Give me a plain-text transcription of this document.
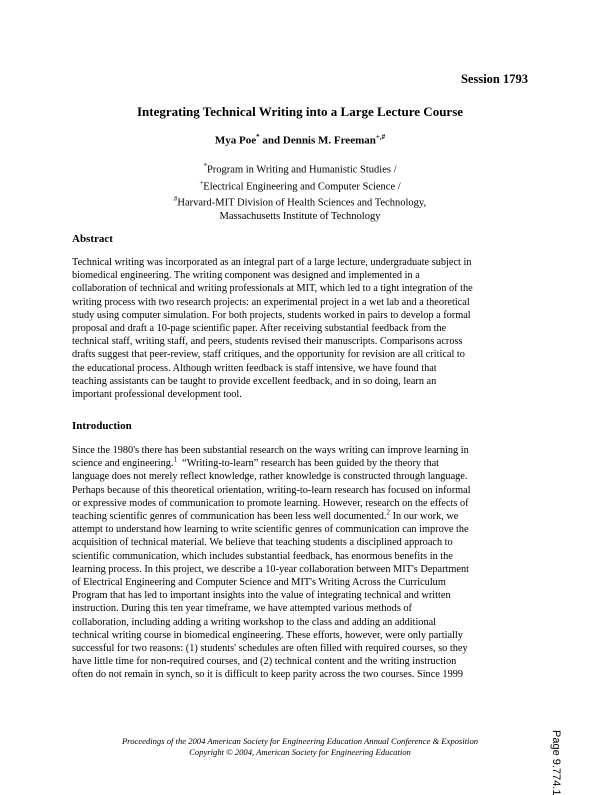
Session 1793
Integrating Technical Writing into a Large Lecture Course
Mya Poe* and Dennis M. Freeman+,#
*Program in Writing and Humanistic Studies /
+Electrical Engineering and Computer Science /
#Harvard-MIT Division of Health Sciences and Technology,
Massachusetts Institute of Technology
Abstract
Technical writing was incorporated as an integral part of a large lecture, undergraduate subject in
biomedical engineering. The writing component was designed and implemented in a
collaboration of technical and writing professionals at MIT, which led to a tight integration of the
writing process with two research projects: an experimental project in a wet lab and a theoretical
study using computer simulation. For both projects, students worked in pairs to develop a formal
proposal and draft a 10-page scientific paper. After receiving substantial feedback from the
technical staff, writing staff, and peers, students revised their manuscripts. Comparisons across
drafts suggest that peer-review, staff critiques, and the opportunity for revision are all critical to
the educational process. Although written feedback is staff intensive, we have found that
teaching assistants can be taught to provide excellent feedback, and in so doing, learn an
important professional development tool.
Introduction
Since the 1980's there has been substantial research on the ways writing can improve learning in
science and engineering.$^1$  “Writing-to-learn” research has been guided by the theory that
language does not merely reflect knowledge, rather knowledge is constructed through language.
Perhaps because of this theoretical orientation, writing-to-learn research has focused on informal
or expressive modes of communication to promote learning. However, research on the effects of
teaching scientific genres of communication has been less well documented.$^2$ In our work, we
attempt to understand how learning to write scientific genres of communication can improve the
acquisition of technical material. We believe that teaching students a disciplined approach to
scientific communication, which includes substantial feedback, has enormous benefits in the
learning process. In this project, we describe a 10-year collaboration between MIT's Department
of Electrical Engineering and Computer Science and MIT's Writing Across the Curriculum
Program that has led to important insights into the value of integrating technical and written
instruction. During this ten year timeframe, we have attempted various methods of
collaboration, including adding a writing workshop to the class and adding an additional
technical writing course in biomedical engineering. These efforts, however, were only partially
successful for two reasons: (1) students' schedules are often filled with required courses, so they
have little time for non-required courses, and (2) technical content and the writing instruction
often do not remain in synch, so it is difficult to keep parity across the two courses. Since 1999
Proceedings of the 2004 American Society for Engineering Education Annual Conference & Exposition
Copyright © 2004, American Society for Engineering Education	Page 9.774.1
